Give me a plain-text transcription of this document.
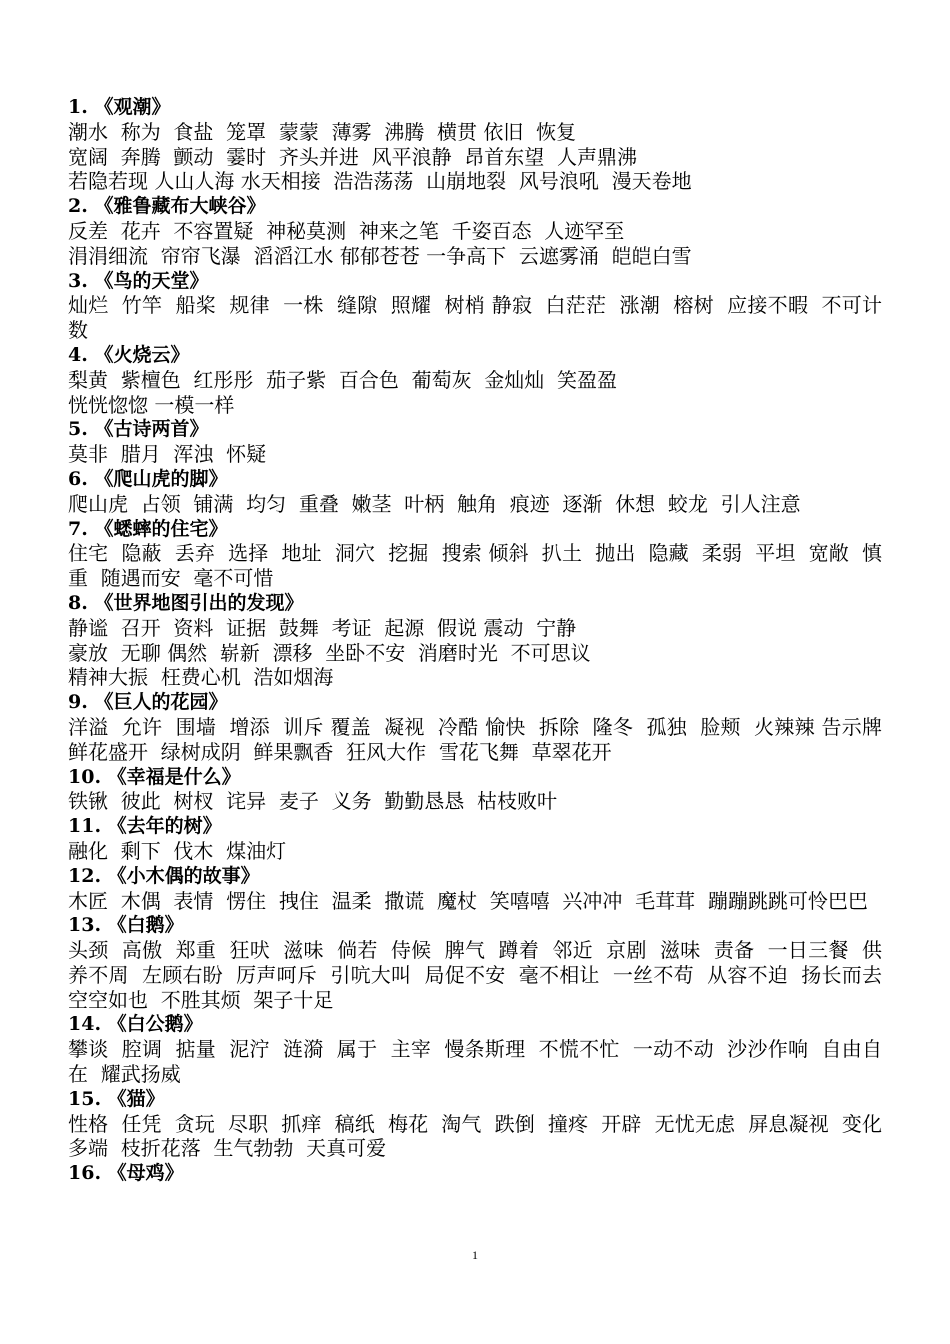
1. 《观潮》
潮水  称为  食盐  笼罩  蒙蒙  薄雾  沸腾  横贯 依旧  恢复
宽阔  奔腾  颤动  霎时  齐头并进  风平浪静  昂首东望  人声鼎沸
若隐若现 人山人海 水天相接  浩浩荡荡  山崩地裂  风号浪吼  漫天卷地
2. 《雅鲁藏布大峡谷》
反差  花卉  不容置疑  神秘莫测  神来之笔  千姿百态  人迹罕至
涓涓细流  帘帘飞瀑  滔滔江水 郁郁苍苍 一争高下  云遮雾涌  皑皑白雪
3. 《鸟的天堂》
灿烂  竹竿  船桨  规律  一株  缝隙  照耀  树梢 静寂  白茫茫  涨潮  榕树  应接不暇  不可计数
4. 《火烧云》
梨黄  紫檀色  红彤彤  茄子紫  百合色  葡萄灰  金灿灿  笑盈盈
恍恍惚惚 一模一样
5. 《古诗两首》
莫非  腊月  浑浊  怀疑
6. 《爬山虎的脚》
爬山虎  占领  铺满  均匀  重叠  嫩茎  叶柄  触角  痕迹  逐渐  休想  蛟龙  引人注意
7. 《蟋蟀的住宅》
住宅  隐蔽  丢弃  选择  地址  洞穴  挖掘  搜索 倾斜  扒土  抛出  隐藏  柔弱  平坦  宽敞  慎重  随遇而安  毫不可惜
8. 《世界地图引出的发现》
静谧  召开  资料  证据  鼓舞  考证  起源  假说 震动  宁静
豪放  无聊 偶然  崭新  漂移  坐卧不安  消磨时光  不可思议
精神大振  枉费心机  浩如烟海
9. 《巨人的花园》
洋溢  允许  围墙  增添  训斥 覆盖  凝视  冷酷 愉快  拆除  隆冬  孤独  脸颊  火辣辣 告示牌  鲜花盛开  绿树成阴  鲜果飘香  狂风大作  雪花飞舞  草翠花开
10. 《幸福是什么》
铁锹  彼此  树杈  诧异  麦子  义务  勤勤恳恳  枯枝败叶
11. 《去年的树》
融化  剩下  伐木  煤油灯
12. 《小木偶的故事》
木匠  木偶  表情  愣住  拽住  温柔  撒谎  魔杖  笑嘻嘻  兴冲冲  毛茸茸  蹦蹦跳跳可怜巴巴
13. 《白鹅》
头颈  高傲  郑重  狂吠  滋味  倘若  侍候  脾气  蹲着  邻近  京剧  滋味  责备  一日三餐  供养不周  左顾右盼  厉声呵斥  引吭大叫  局促不安  毫不相让  一丝不苟  从容不迫  扬长而去  空空如也  不胜其烦  架子十足
14. 《白公鹅》
攀谈  腔调  掂量  泥泞  涟漪  属于  主宰  慢条斯理  不慌不忙  一动不动  沙沙作响  自由自在  耀武扬威
15. 《猫》
性格  任凭  贪玩  尽职  抓痒  稿纸  梅花  淘气  跌倒  撞疼  开辟  无忧无虑  屏息凝视  变化多端  枝折花落  生气勃勃  天真可爱
16. 《母鸡》
1
